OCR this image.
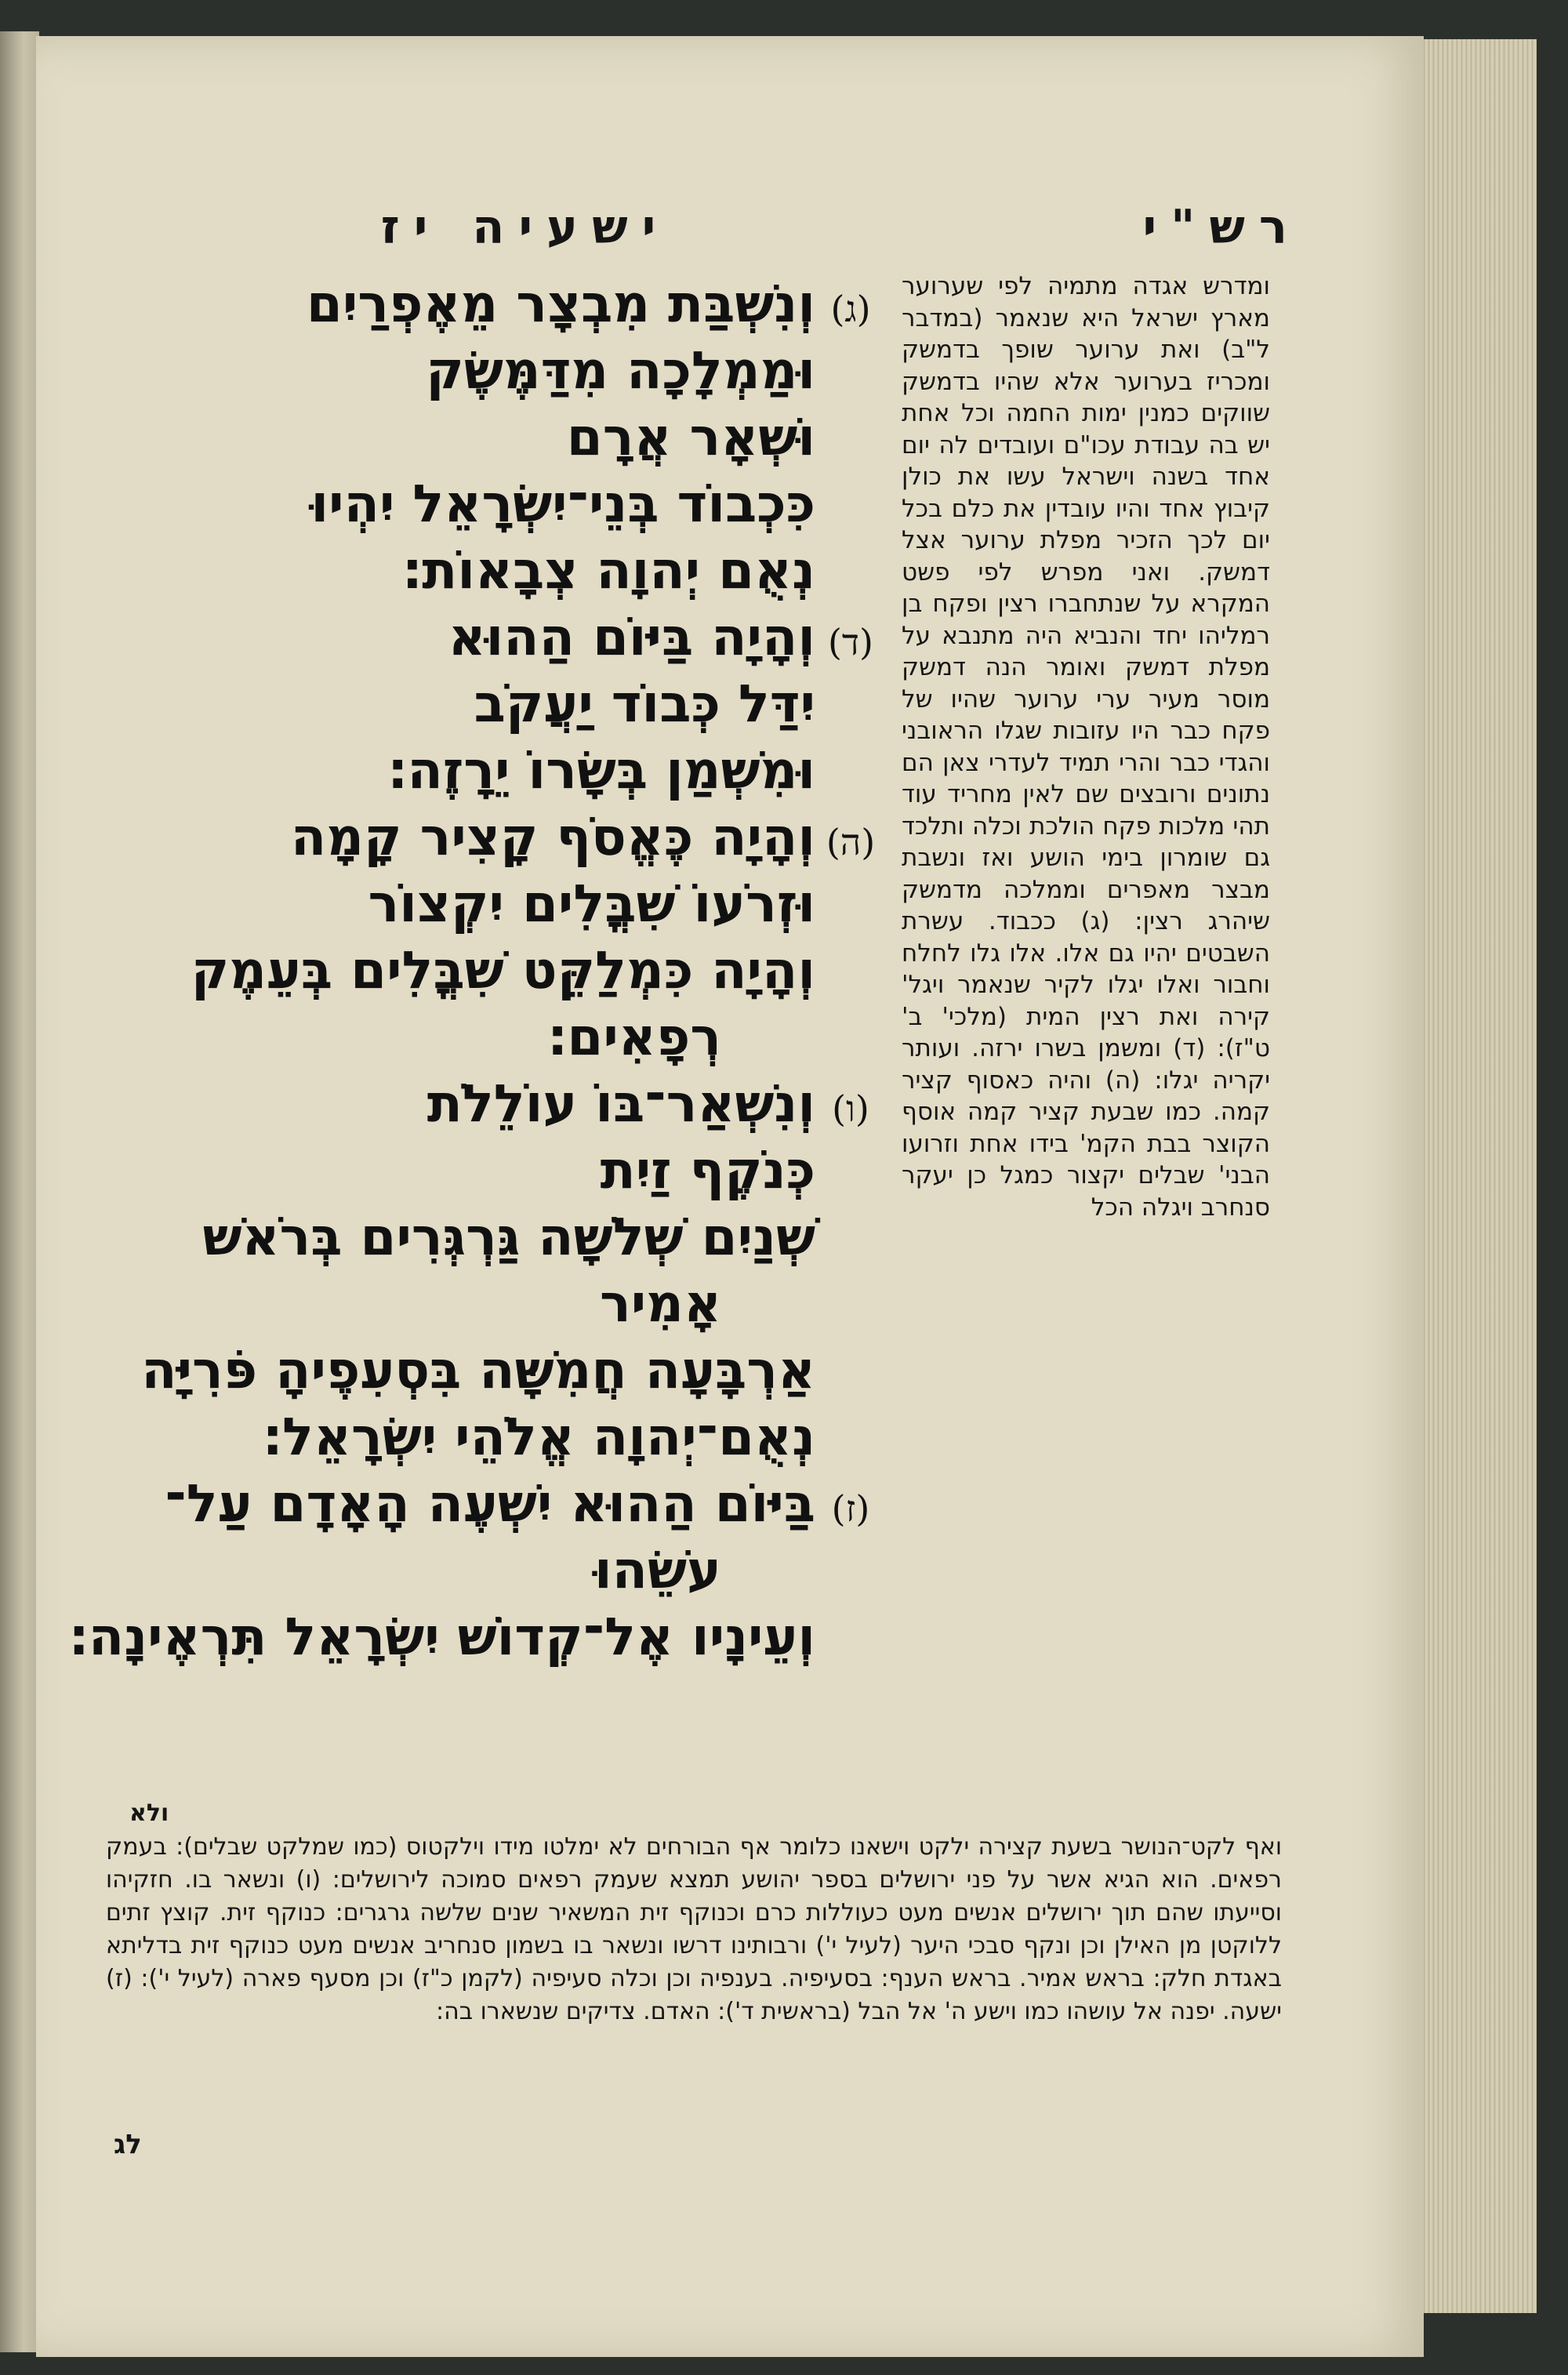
רש"י
ישעיה יז
(ג)וְנִשְׁבַּת מִבְצָר מֵאֶפְרַיִם
וּמַמְלָכָה מִדַּמֶּשֶׂק
וּשְׁאָר אֲרָם
כִּכְבוֹד בְּנֵי־יִשְׂרָאֵל יִהְיוּ
נְאֻם יְהוָה צְבָאוֹת׃
(ד)וְהָיָה בַּיּוֹם הַהוּא
יִדַּל כְּבוֹד יַעֲקֹב
וּמִשְׁמַן בְּשָׂרוֹ יֵרָזֶה׃
(ה)וְהָיָה כֶּאֱסֹף קָצִיר קָמָה
וּזְרֹעוֹ שִׁבֳּלִים יִקְצוֹר
וְהָיָה כִּמְלַקֵּט שִׁבֳּלִים בְּעֵמֶק
רְפָאִים׃
(ו)וְנִשְׁאַר־בּוֹ עוֹלֵלֹת
כְּנֹקֶף זַיִת
שְׁנַיִם שְׁלֹשָׁה גַּרְגְּרִים בְּרֹאשׁ
אָמִיר
אַרְבָּעָה חֲמִשָּׁה בִּסְעִפֶיהָ פֹּרִיָּה
נְאֻם־יְהוָה אֱלֹהֵי יִשְׂרָאֵל׃
(ז)בַּיּוֹם הַהוּא יִשְׁעֶה הָאָדָם עַל־
עֹשֵׂהוּ
וְעֵינָיו אֶל־קְדוֹשׁ יִשְׂרָאֵל תִּרְאֶינָה׃

ומדרש אגדה מתמיה לפי שערוער מארץ ישראל היא שנאמר (במדבר ל"ב) ואת ערוער שופך בדמשק ומכריז בערוער אלא שהיו בדמשק שווקים כמנין ימות החמה וכל אחת יש בה עבודת עכו"ם ועובדים לה יום אחד בשנה וישראל עשו את כולן קיבוץ אחד והיו עובדין את כלם בכל יום לכך הזכיר מפלת ערוער אצל דמשק. ואני מפרש לפי פשט המקרא על שנתחברו רצין ופקח בן רמליהו יחד והנביא היה מתנבא על מפלת דמשק ואומר הנה דמשק מוסר מעיר ערי ערוער שהיו של פקח כבר היו עזובות שגלו הראובני והגדי כבר והרי תמיד לעדרי צאן הם נתונים ורובצים שם לאין מחריד עוד תהי מלכות פקח הולכת וכלה ותלכד גם שומרון בימי הושע ואז ונשבת מבצר מאפרים וממלכה מדמשק שיהרג רצין: (ג) ככבוד. עשרת השבטים יהיו גם אלו. אלו גלו לחלח וחבור ואלו יגלו לקיר שנאמר ויגל' קירה ואת רצין המית (מלכי' ב' ט"ז): (ד) ומשמן בשרו ירזה. ועותר יקריה יגלו: (ה) והיה כאסוף קציר קמה. כמו שבעת קציר קמה אוסף הקוצר בבת הקמ' בידו אחת וזרועו הבני' שבלים יקצור כמגל כן יעקר סנחרב ויגלה הכל

ולא

ואף לקט־הנושר בשעת קצירה ילקט וישאנו כלומר אף הבורחים לא ימלטו מידו וילקטוס (כמו שמלקט שבלים): בעמק רפאים. הוא הגיא אשר על פני ירושלים בספר יהושע תמצא שעמק רפאים סמוכה לירושלים: (ו) ונשאר בו. חזקיהו וסייעתו שהם תוך ירושלים אנשים מעט כעוללות כרם וכנוקף זית המשאיר שנים שלשה גרגרים: כנוקף זית. קוצץ זתים ללוקטן מן האילן וכן ונקף סבכי היער (לעיל י') ורבותינו דרשו ונשאר בו בשמון סנחריב אנשים מעט כנוקף זית בדליתא באגדת חלק: בראש אמיר. בראש הענף: בסעיפיה. בענפיה וכן וכלה סעיפיה (לקמן כ"ז) וכן מסעף פארה (לעיל י'): (ז) ישעה. יפנה אל עושהו כמו וישע ה' אל הבל (בראשית ד'): האדם. צדיקים שנשארו בה:

לג
